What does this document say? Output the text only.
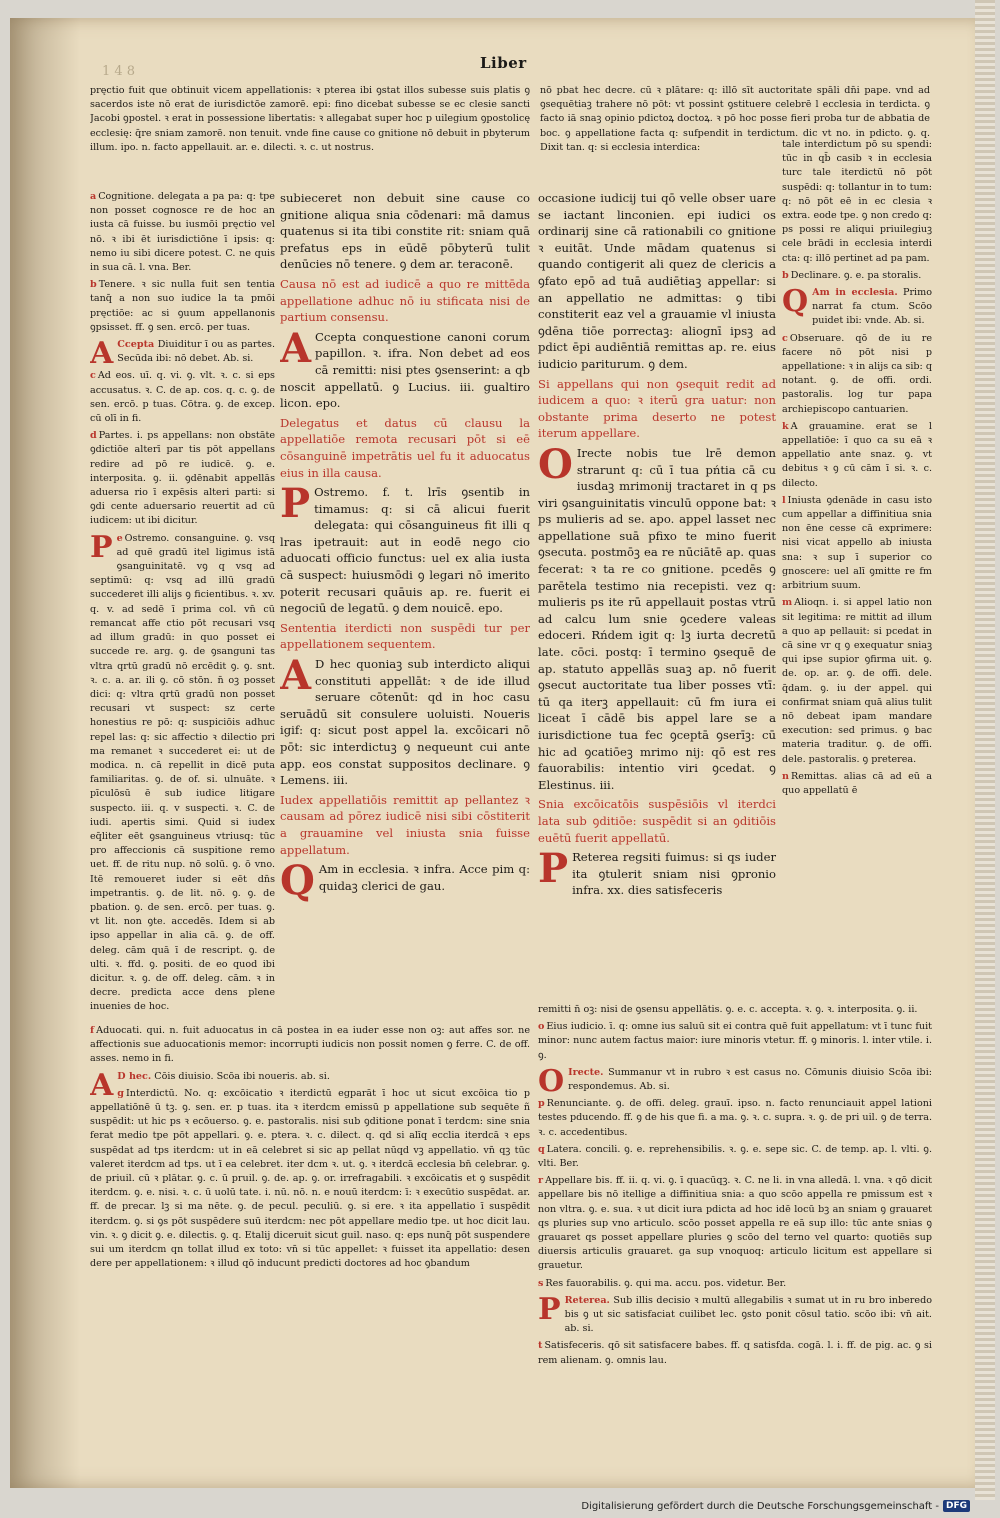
1 4 8	Liber
pręctio fuit que obtinuit vicem appellationis: ꝛ pterea ibi ꝯstat illos subesse suis platis ꝯ sacerdos iste nō erat de iurisdictōe zamorē. epi: fino dicebat subesse se ec clesie sancti Jacobi ꝯpostel. ꝛ erat in possessione libertatis: ꝛ allegabat super hoc p uilegium ꝯpostolicę ecclesię: q̄re sniam zamorē. non tenuit. vnde fine cause co gnitione nō debuit in pbyterum illum. ipo. n. facto appellauit. ar. e. dilecti. ꝛ. c. ut nostrus.
nō pbat hec decre. cū ꝛ plātare: q: illō sīt auctoritate spāli dn̄i pape. vnd ad ꝯsequētiaꝫ trahere nō pōt: vt possint ꝯstituere celebrē l ecclesia in terdicta. ꝯ facto iā snaꝫ opinio pdictoꝝ doctoꝝ. ꝛ pō hoc posse fieri proba tur de abbatia de boc. ꝯ appellatione facta q: sufpendit in terdictum. dic vt no. in pdicto. ꝯ. q. Dixit tan. q: si ecclesia interdica:

a Cognitione. delegata a pa pa: q: tpe non posset cognosce re de hoc an iusta cā fuisse. bu iusmōi pręctio vel nō. ꝛ ibi ēt iurisdictiōne ī ipsis: q: nemo iu sibi dicere potest. C. ne quis in sua cā. l. vna. Ber.

b Tenere. ꝛ sic nulla fuit sen tentia tanq̄ a non suo iudice la ta pmōi pręctiōe: ac si ꝯuum appellanonis ꝯpsisset. ff. ꝯ sen. ercō. per tuas.

A Ccepta Diuiditur ī ou as partes. Secūda ibi: nō debet. Ab. si.

c Ad eos. uī. q. vi. ꝯ. vlt. ꝛ. c. si eps accusatus. ꝛ. C. de ap. cos. q. c. ꝯ. de sen. ercō. p tuas. Cōtra. ꝯ. de excep. cū olī in fi.

d Partes. i. ps appellans: non obstāte ꝯdictiōe alterī par tis pōt appellans redire ad pō re iudicē. ꝯ. e. interposita. ꝯ. ii. ꝯdēnabit appellās aduersa rio ī expēsis alteri parti: si ꝯdi cente aduersario reuertit ad cū iudicem: ut ibi dicitur.

Pe Ostremo. consanguine. ꝯ. vsq ad quē gradū itel ligimus istā ꝯsanguinitatē. vꝯ q vsq ad septimū: q: vsq ad illū gradū succederet illi alijs ꝯ ficientibus. ꝛ. xv. q. v. ad sedē ī prima col. vn̄ cū remancat affe ctio pōt recusari vsq ad illum gradū: in quo posset ei succede re. arg. ꝯ. de ꝯsanguni tas vltra qrtū gradū nō ercēdit ꝯ. ꝯ. snt. ꝛ. c. a. ar. ili ꝯ. cō stōn. n̄ oꝫ posset dici: q: vltra qrtū gradū non posset recusari vt suspect: sz certe honestius re pō: q: suspiciōis adhuc repel las: q: sic affectio ꝛ dilectio pri ma remanet ꝛ succederet ei: ut de modica. n. cā repellit in dicē puta familiaritas. ꝯ. de of. si. ulnuāte. ꝛ pīculōsū ē sub iudice litigare suspecto. iii. q. v suspecti. ꝛ. C. de iudi. apertis simi. Quid si iudex eq̄liter eēt ꝯsanguineus vtriusq: tūc pro affeccionis cā suspitione remo uet. ff. de ritu nup. nō solū. ꝯ. ō vno. Itē remoueret iuder si eēt dn̄s impetrantis. ꝯ. de lit. nō. ꝯ. ꝯ. de pbation. ꝯ. de sen. ercō. per tuas. ꝯ. vt lit. non ꝯte. accedēs. Idem si ab ipso appellar in alia cā. ꝯ. de off. deleg. cām quā ī de rescript. ꝯ. de ulti. ꝛ. ffd. ꝯ. positi. de eo quod ibi dicitur. ꝛ. ꝯ. de off. deleg. cām. ꝛ in decre. predicta acce dens plene inuenies de hoc.

subieceret non debuit sine cause co gnitione aliqua snia cōdenari: mā damus quatenus si ita tibi constite rit: sniam quā prefatus eps in eūdē pōbyterū tulit denūcies nō tenere. ꝯ dem ar. teraconē.

Causa nō est ad iudicē a quo re mittēda appellatione adhuc nō iu stificata nisi de partium consensu.

A Ccepta conquestione canoni corum papillon. ꝛ. ifra. Non debet ad eos cā remitti: nisi ptes ꝯsenserint: a qb noscit appellatū. ꝯ Lucius. iii. gualtiro licon. epo.

Delegatus et datus cū clausu la appellatiōe remota recusari pōt si eē cōsanguinē impetrātis uel fu it aduocatus eius in illa causa.

P Ostremo. f. t. lrīs ꝯsentib in timamus: q: si cā alicui fuerit delegata: qui cōsanguineus fit illi q lras ipetrauit: aut in eodē nego cio aduocati officio functus: uel ex alia iusta cā suspect: huiusmōdi ꝯ legari nō imerito poterit recusari quāuis ap. re. fuerit ei negociū de legatū. ꝯ dem nouicē. epo.

Sententia iterdicti non suspēdi tur per appellationem sequentem.

A D hec quoniaꝫ sub interdicto aliqui constituti appellāt: ꝛ de ide illud seruare cōtenūt: qd in hoc casu seruādū sit consulere uoluisti. Noueris igif: q: sicut post appel la. excōicari nō pōt: sic interdictuꝫ ꝯ nequeunt cui ante app. eos constat suppositos declinare. ꝯ Lemens. iii.

Iudex appellatiōis remittit ap pellantez ꝛ causam ad pōrez iudicē nisi sibi cōstiterit a grauamine vel iniusta snia fuisse appellatum.

Q Am in ecclesia. ꝛ infra. Acce pim q: quidaꝫ clerici de gau.

occasione iudicij tui qō velle obser uare se iactant linconien. epi iudici os ordinarij sine cā rationabili co gnitione ꝛ euitāt. Unde mādam quatenus si quando contigerit ali quez de clericis a ꝯfato epō ad tuā audiētiaꝫ appellar: si an appellatio ne admittas: ꝯ tibi constiterit eaz vel a grauamie vl iniusta ꝯdēna tiōe porrectaꝫ: aliognī ipsꝫ ad pdict ēpi audiēntiā remittas ap. re. eius iudicio pariturum. ꝯ dem.

Si appellans qui non ꝯsequit redit ad iudicem a quo: ꝛ iterū gra uatur: non obstante prima deserto ne potest iterum appellare.

O Irecte nobis tue lrē demon strarunt q: cū ī tua pńtia cā cu iusdaꝫ mrimonij tractaret in q ps viri ꝯsanguinitatis vinculū oppone bat: ꝛ ps mulieris ad se. apo. appel lasset nec appellatione suā pfixo te mino fuerit ꝯsecuta. postmōꝫ ea re nūciātē ap. quas fecerat: ꝛ ta re co gnitione. pcedēs ꝯ parētela testimo nia recepisti. vez q: mulieris ps ite rū appellauit postas vtrū ad calcu lum snie ꝯcedere valeas edoceri. Rńdem igit q: lꝫ iurta decretū late. cōci. postq: ī termino ꝯsequē de ap. statuto appellās suaꝫ ap. nō fuerit ꝯsecut auctoritate tua liber posses vtī: tū qa iterꝫ appellauit: cū fm iura ei liceat ī cādē bis appel lare se a iurisdictione tua fec ꝯceptā ꝯserīꝫ: cū hic ad ꝯcatiōeꝫ mrimo nij: qō est res fauorabilis: intentio viri ꝯcedat. ꝯ Elestinus. iii.

Snia excōicatōis suspēsiōis vl iterdci lata sub ꝯditiōe: suspēdit si an ꝯditiōis euētū fuerit appellatū.

P Reterea regsiti fuimus: si qs iuder ita ꝯtulerit sniam nisi ꝯpronio infra. xx. dies satisfeceris

tale interdictum pō su spendi: tūc in qb̄ casib ꝛ in ecclesia turc tale iterdictū nō pōt suspēdi: q: tollantur in to tum: q: nō pōt eē in ec clesia ꝛ extra. eode tpe. ꝯ non credo q: ps possi re aliqui priuilegiuꝫ cele brādi in ecclesia interdi cta: q: illō pertinet ad pa pam.

b Declinare. ꝯ. e. pa storalis.

Q Am in ecclesia. Primo narrat fa ctum. Scōo puidet ibi: vnde. Ab. si.

c Obseruare. qō de iu re facere nō pōt nisi p appellatione: ꝛ in alijs ca sib: q notant. ꝯ. de offi. ordi. pastoralis. log tur papa archiepiscopo cantuarien.

k A grauamine. erat se l appellatiōe: ī quo ca su eā ꝛ appellatio ante snaz. ꝯ. vt debitus ꝛ ꝯ cū cām ī si. ꝛ. c. dilecto.

l Iniusta ꝯdenāde in casu isto cum appellar a diffinitiua snia non ēne cesse cā exprimere: nisi vicat appello ab iniusta sna: ꝛ sup ī superior co gnoscere: uel alī ꝯmitte re fm arbitrium suum.

m Alioqn. i. si appel latio non sit legitima: re mittit ad illum a quo ap pellauit: si pcedat in cā sine vr q ꝯ exequatur sniaꝫ qui ipse supior ꝯfirma uit. ꝯ. de. op. ar. ꝯ. de offi. dele. q̄dam. ꝯ. iu der appel. qui confirmat sniam quā alius tulit nō debeat ipam mandare execution: sed primus. ꝯ bac materia traditur. ꝯ. de offi. dele. pastoralis. ꝯ preterea.

n Remittas. alias cā ad eū a quo appellatū ē

f Aduocati. qui. n. fuit aduocatus in cā postea in ea iuder esse non oꝫ: aut affes sor. ne affectionis sue aduocationis memor: incorrupti iudicis non possit nomen ꝯ ferre. C. de off. asses. nemo in fi.

A D hec. Cōis diuisio. Scōa ibi noueris. ab. si.

g Interdictū. No. q: excōicatio ꝛ iterdictū egparāt ī hoc ut sicut excōica tio p appellatiōnē ū tꝫ. ꝯ. sen. er. p tuas. ita ꝛ iterdcm emissū p appellatione sub sequēte ñ suspēdit: ut hic ps ꝛ ecōuerso. ꝯ. e. pastoralis. nisi sub ꝯditione ponat ī terdcm: sine snia ferat medio tpe pōt appellari. ꝯ. e. ptera. ꝛ. c. dilect. q. qd si alīq ecclia iterdcā ꝛ eps suspēdat ad tps iterdcm: ut in eā celebret si sic ap pellat nūqd vꝫ appellatio. vn̄ qꝫ tūc valeret iterdcm ad tps. ut ī ea celebret. iter dcm ꝛ. ut. ꝯ. ꝛ iterdcā ecclesia bn̄ celebrar. ꝯ. de priuil. cū ꝛ plātar. ꝯ. c. ū pruil. ꝯ. de. ap. ꝯ. or. irrefragabili. ꝛ excōicatis et ꝯ suspēdit iterdcm. ꝯ. e. nisi. ꝛ. c. ū uolū tate. i. nū. nō. n. e nouū iterdcm: ī: ꝛ execūtio suspēdat. ar. ff. de precar. lꝫ si ma nēte. ꝯ. de pecul. peculiū. ꝯ. si ere. ꝛ ita appellatio ī suspēdit iterdcm. ꝯ. si ꝯs pōt suspēdere suū iterdcm: nec pōt appellare medio tpe. ut hoc dicit lau. vin. ꝛ. ꝯ dicit ꝯ. e. dilectis. ꝯ. q. Etalij diceruit sicut guil. naso. q: eps nunq̄ pōt suspendere sui um iterdcm qn tollat illud ex toto: vn̄ si tūc appellet: ꝛ fuisset ita appellatio: desen dere per appellationem: ꝛ illud qō inducunt predicti doctores ad hoc ꝯbandum

remitti n̄ oꝫ: nisi de ꝯsensu appellātis. ꝯ. e. c. accepta. ꝛ. ꝯ. ꝛ. interposita. ꝯ. ii.

o Eius iudicio. ī. q: omne ius saluū sit ei contra quē fuit appellatum: vt ī tunc fuit minor: nunc autem factus maior: iure minoris vtetur. ff. ꝯ minoris. l. inter vtile. i. ꝯ.

O Irecte. Summanur vt in rubro ꝛ est casus no. Cōmunis diuisio Scōa ibi: respondemus. Ab. si.

p Renunciante. ꝯ. de offi. deleg. grauī. ipso. n. facto renunciauit appel lationi testes pducendo. ff. ꝯ de his que fi. a ma. ꝯ. ꝛ. c. supra. ꝛ. ꝯ. de pri uil. ꝯ de terra. ꝛ. c. accedentibus.

q Latera. concili. ꝯ. e. reprehensibilis. ꝛ. ꝯ. e. sepe sic. C. de temp. ap. l. vlti. ꝯ. vlti. Ber.

r Appellare bis. ff. ii. q. vi. ꝯ. ī quacūqꝫ. ꝛ. C. ne li. in vna alledā. l. vna. ꝛ qō dicit appellare bis nō itellige a diffinitiua snia: a quo scōo appella re pmissum est ꝛ non vltra. ꝯ. e. sua. ꝛ ut dicit iura pdicta ad hoc idē locū bꝫ an sniam ꝯ grauaret qs pluries sup vno articulo. scōo posset appella re eā sup illo: tūc ante snias ꝯ grauaret qs posset appellare pluries ꝯ scōo del terno vel quarto: quotiēs sup diuersis articulis grauaret. ga sup vnoquoq: articulo licitum est appellare si grauetur.

s Res fauorabilis. ꝯ. qui ma. accu. pos. videtur. Ber.

P Reterea. Sub illis decisio ꝛ multū allegabilis ꝛ sumat ut in ru bro inberedo bis ꝯ ut sic satisfaciat cuilibet lec. ꝯsto ponit cōsul tatio. scōo ibi: vn̄ ait. ab. si.

t Satisfeceris. qō sit satisfacere babes. ff. q satisfda. cogā. l. i. ff. de pig. ac. ꝯ si rem alienam. ꝯ. omnis lau.

Digitalisierung gefördert durch die Deutsche Forschungsgemeinschaft - DFG
